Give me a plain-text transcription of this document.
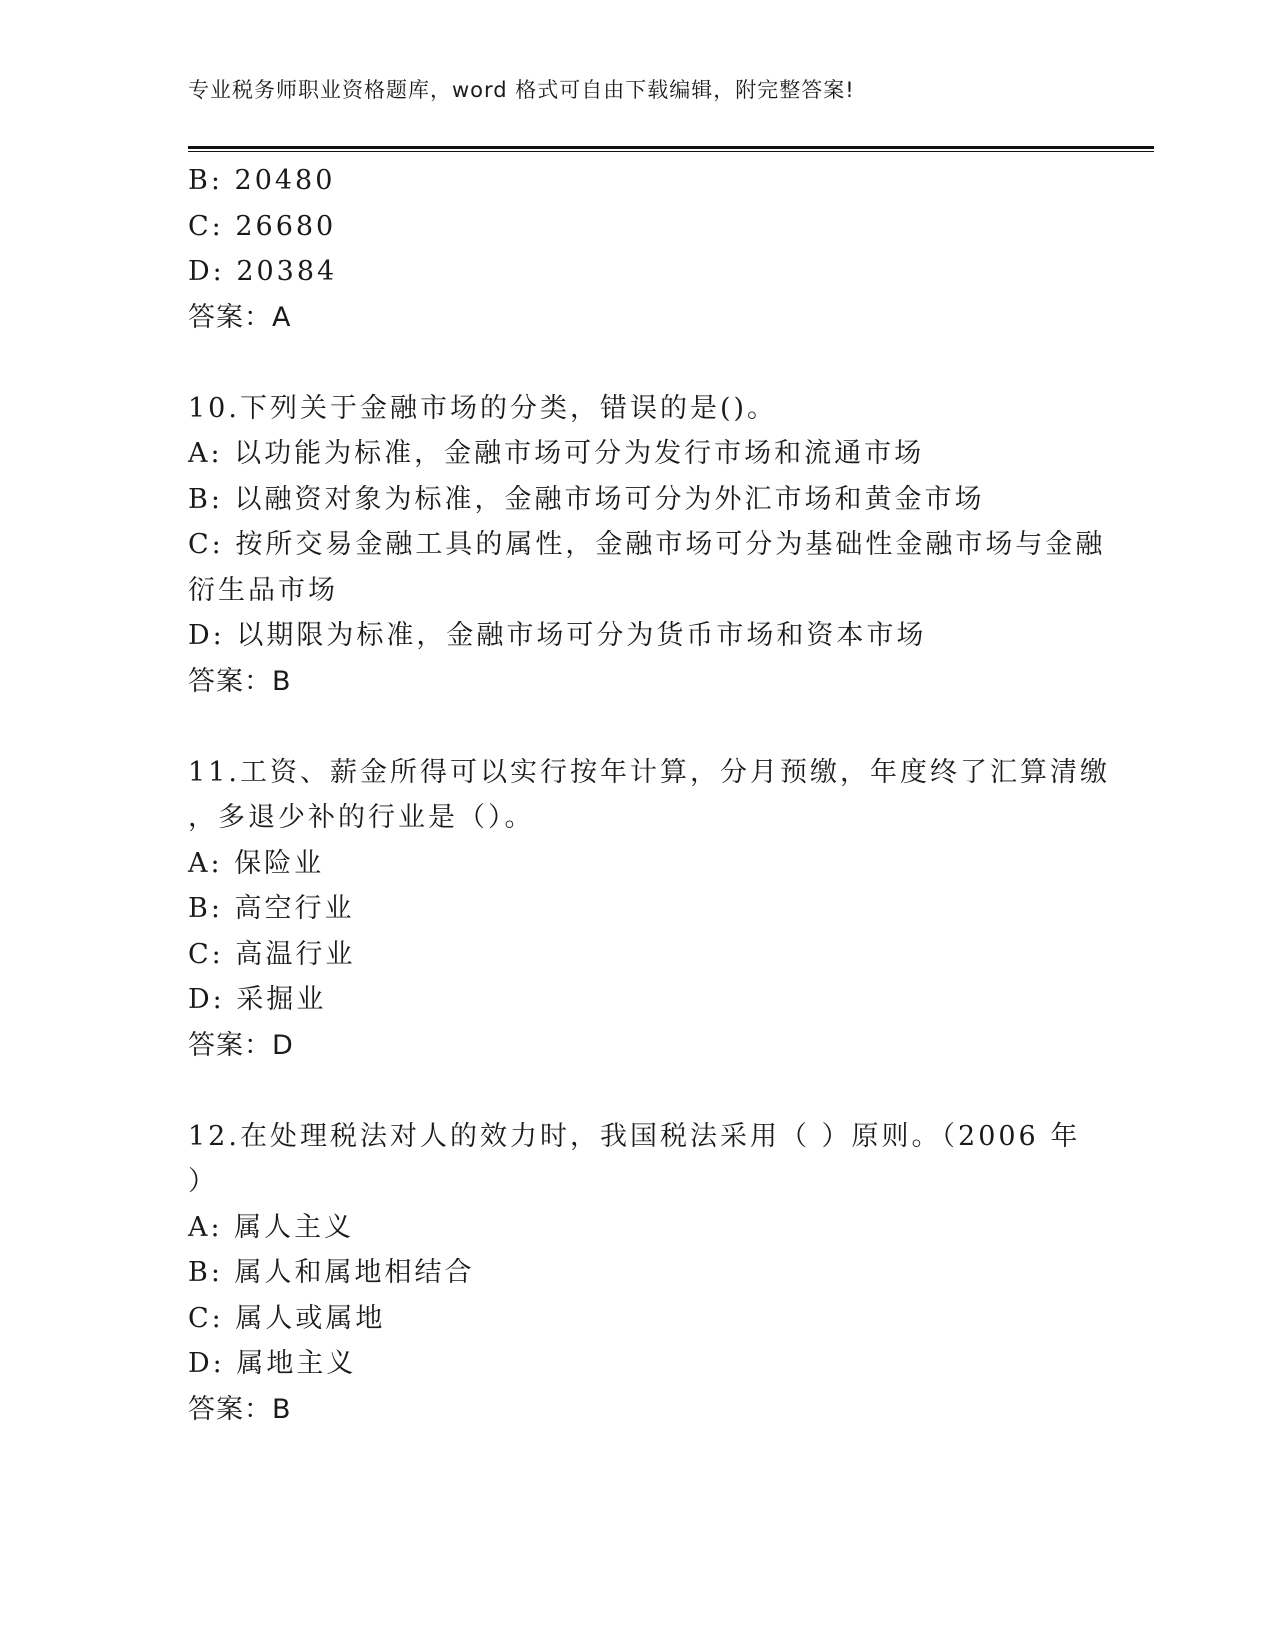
专业税务师职业资格题库，word 格式可自由下载编辑，附完整答案!
B: 20480
C: 26680
D: 20384
答案：A
10.下列关于金融市场的分类，错误的是()。
A: 以功能为标准，金融市场可分为发行市场和流通市场
B: 以融资对象为标准，金融市场可分为外汇市场和黄金市场
C: 按所交易金融工具的属性，金融市场可分为基础性金融市场与金融
衍生品市场
D: 以期限为标准，金融市场可分为货币市场和资本市场
答案：B
11.工资、薪金所得可以实行按年计算，分月预缴，年度终了汇算清缴
，多退少补的行业是（）。
A: 保险业
B: 高空行业
C: 高温行业
D: 采掘业
答案：D
12.在处理税法对人的效力时，我国税法采用（ ）原则。（2006 年
）
A: 属人主义
B: 属人和属地相结合
C: 属人或属地
D: 属地主义
答案：B
